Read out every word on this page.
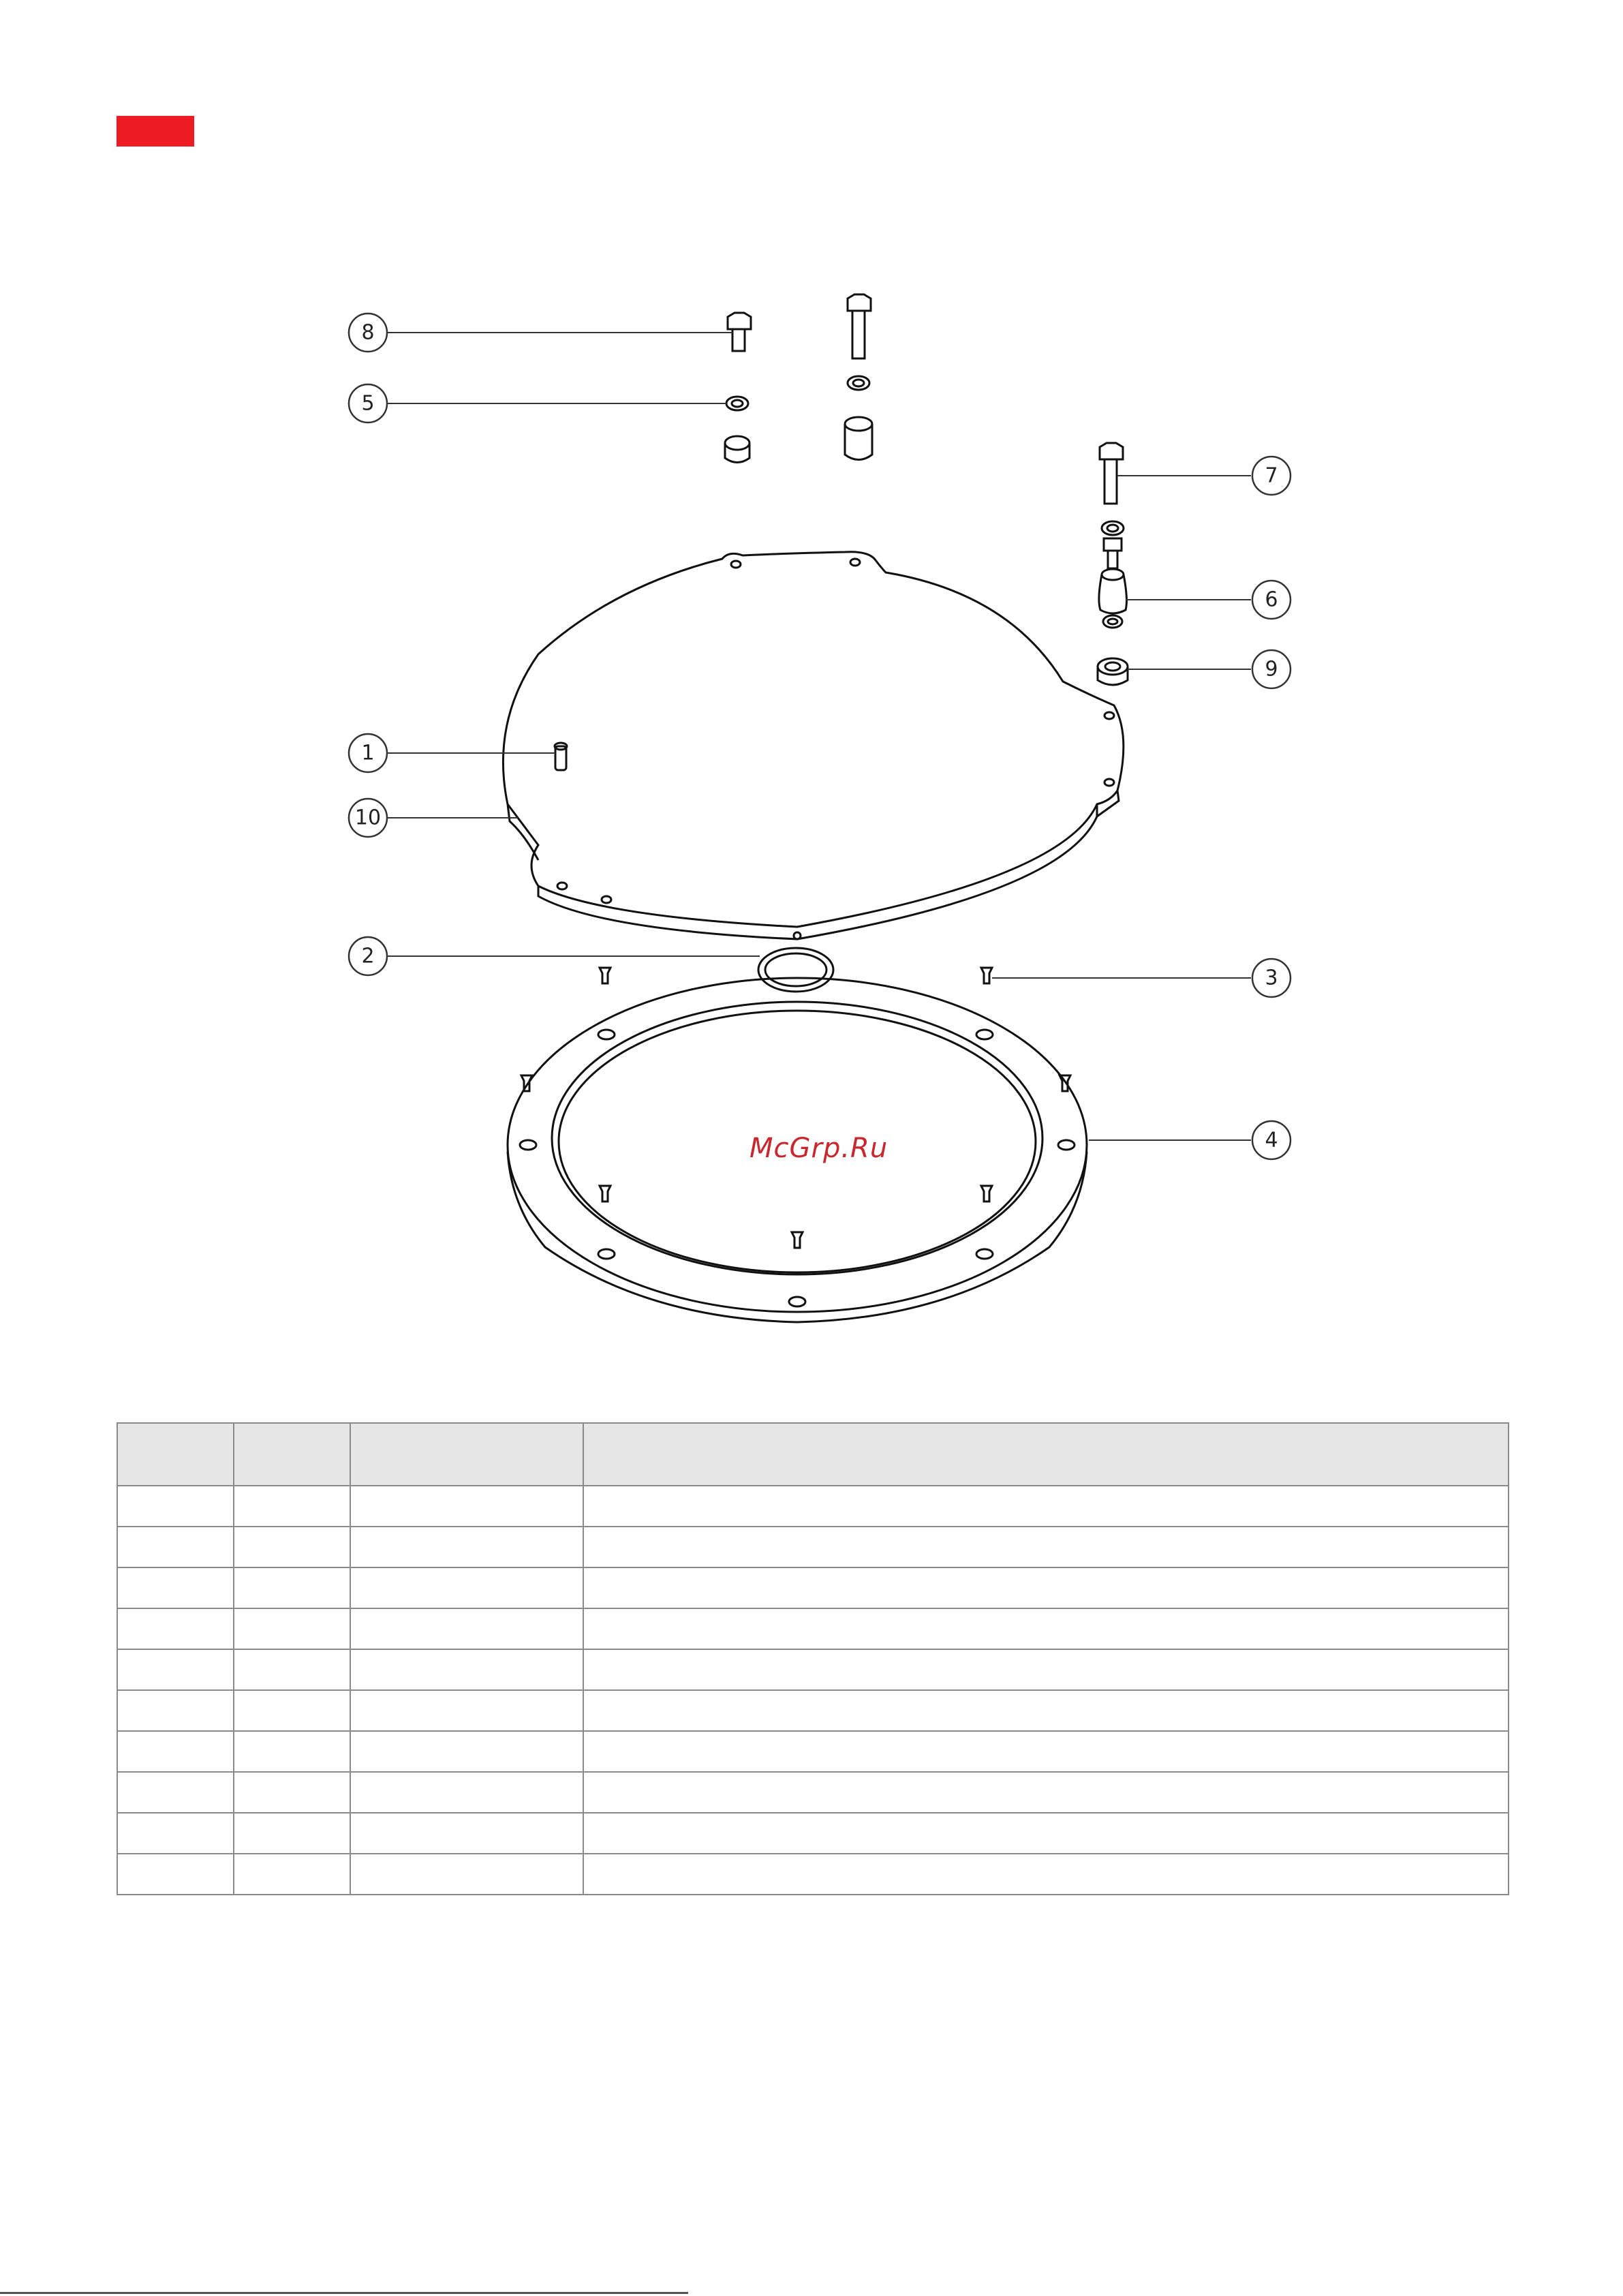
8
5
7
6
9
1
10
2
3
4
McGrp.Ru
